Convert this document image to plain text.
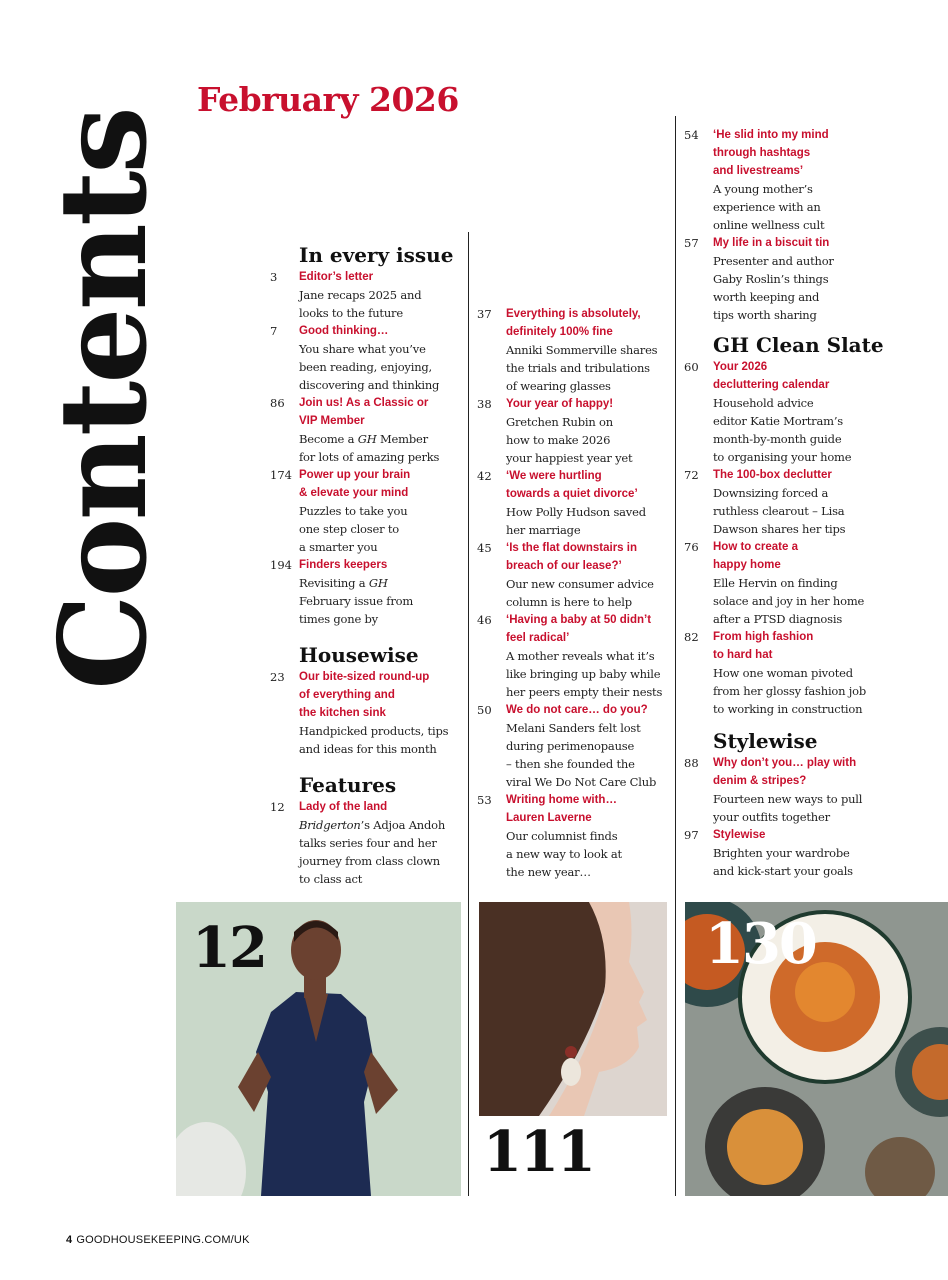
Contents
February 2026
In every issue
3 Editor’s letter
Jane recaps 2025 and
looks to the future
7 Good thinking…
You share what you’ve
been reading, enjoying,
discovering and thinking
86 Join us! As a Classic or
VIP Member
Become a GH Member
for lots of amazing perks
174 Power up your brain
& elevate your mind
Puzzles to take you
one step closer to
a smarter you
194 Finders keepers
Revisiting a GH
February issue from
times gone by
Housewise
23 Our bite-sized round-up
of everything and
the kitchen sink
Handpicked products, tips
and ideas for this month
Features
12 Lady of the land
Bridgerton’s Adjoa Andoh
talks series four and her
journey from class clown
to class act
37 Everything is absolutely,
definitely 100% fine
Anniki Sommerville shares
the trials and tribulations
of wearing glasses
38 Your year of happy!
Gretchen Rubin on
how to make 2026
your happiest year yet
42 ‘We were hurtling
towards a quiet divorce’
How Polly Hudson saved
her marriage
45 ‘Is the flat downstairs in
breach of our lease?’
Our new consumer advice
column is here to help
46 ‘Having a baby at 50 didn’t
feel radical’
A mother reveals what it’s
like bringing up baby while
her peers empty their nests
50 We do not care… do you?
Melani Sanders felt lost
during perimenopause
– then she founded the
viral We Do Not Care Club
53 Writing home with…
Lauren Laverne
Our columnist finds
a new way to look at
the new year…
54 ‘He slid into my mind
through hashtags
and livestreams’
A young mother’s
experience with an
online wellness cult
57 My life in a biscuit tin
Presenter and author
Gaby Roslin’s things
worth keeping and
tips worth sharing
GH Clean Slate
60 Your 2026
decluttering calendar
Household advice
editor Katie Mortram’s
month-by-month guide
to organising your home
72 The 100-box declutter
Downsizing forced a
ruthless clearout – Lisa
Dawson shares her tips
76 How to create a
happy home
Elle Hervin on finding
solace and joy in her home
after a PTSD diagnosis
82 From high fashion
to hard hat
How one woman pivoted
from her glossy fashion job
to working in construction
Stylewise
88 Why don’t you… play with
denim & stripes?
Fourteen new ways to pull
your outfits together
97 Stylewise
Brighten your wardrobe
and kick-start your goals
12
111
130
4 GOODHOUSEKEEPING.COM/UK
